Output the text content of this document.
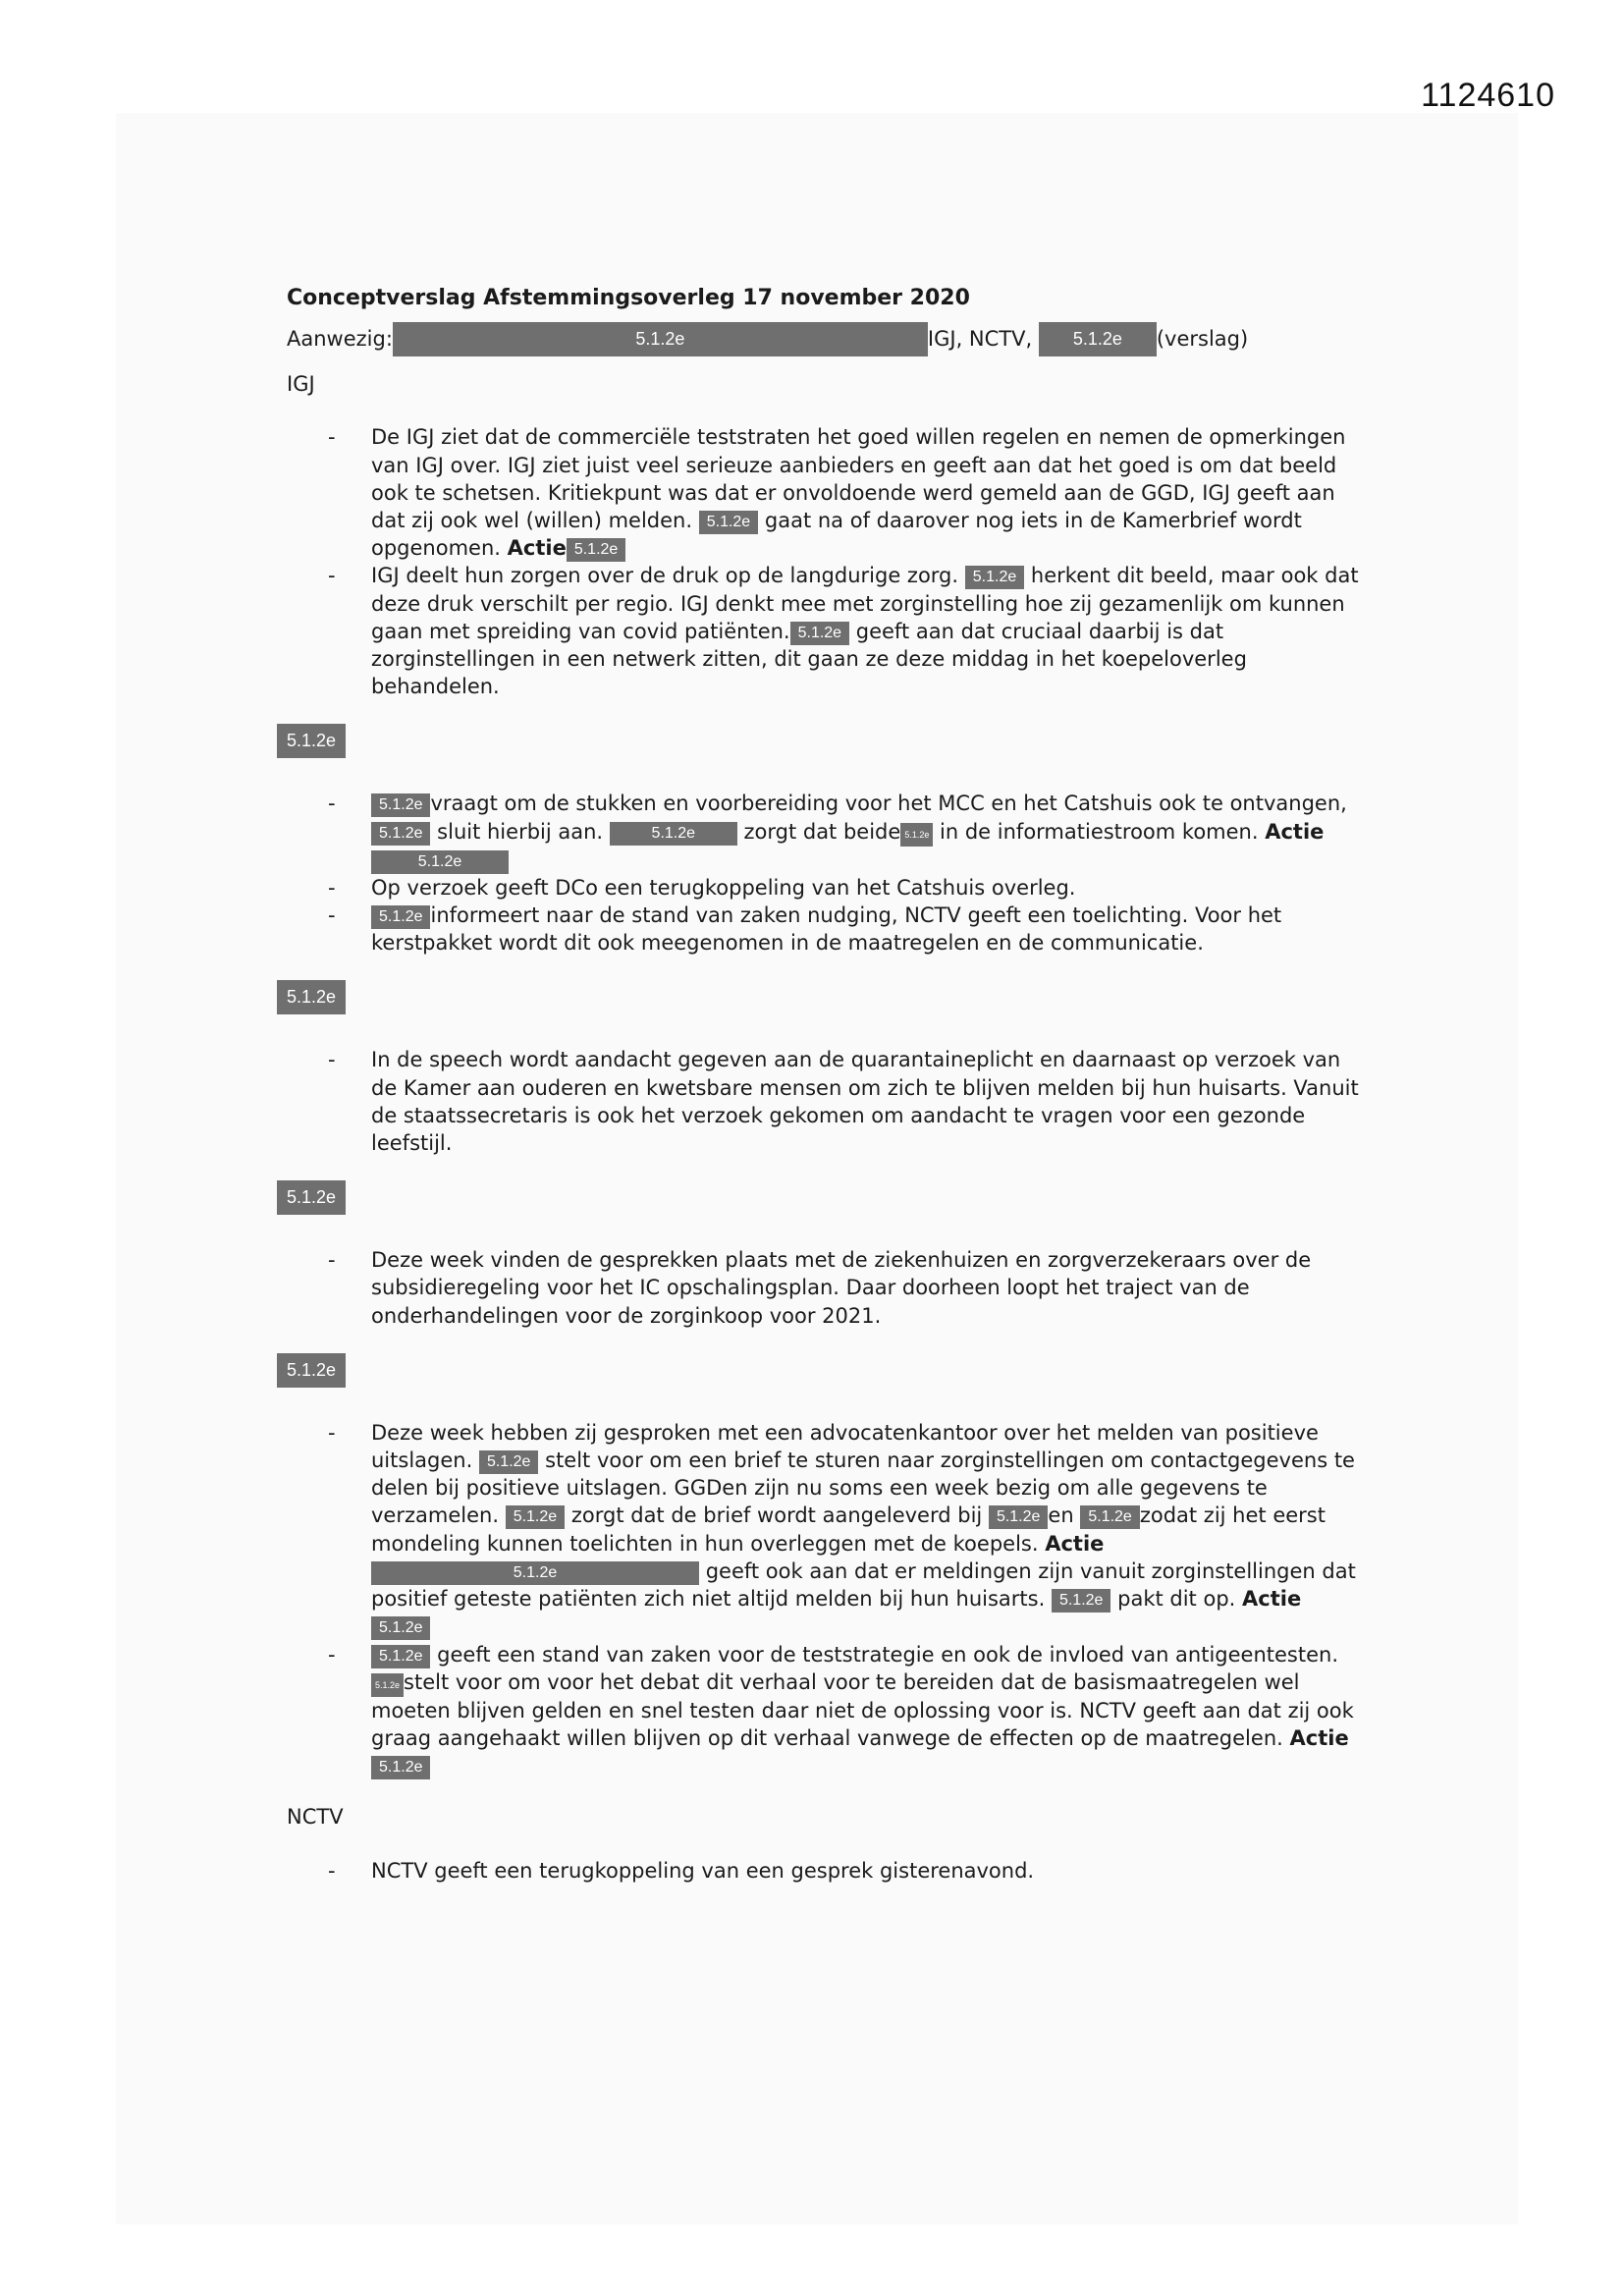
1124610
Conceptverslag Afstemmingsoverleg 17 november 2020
Aanwezig:	5.1.2e	IGJ, NCTV, 5.1.2e (verslag)
IGJ
- De IGJ ziet dat de commerciële teststraten het goed willen regelen en nemen de opmerkingen van IGJ over. IGJ ziet juist veel serieuze aanbieders en geeft aan dat het goed is om dat beeld ook te schetsen. Kritiekpunt was dat er onvoldoende werd gemeld aan de GGD, IGJ geeft aan dat zij ook wel (willen) melden. 5.1.2e gaat na of daarover nog iets in de Kamerbrief wordt opgenomen. Actie 5.1.2e
- IGJ deelt hun zorgen over de druk op de langdurige zorg. 5.1.2e herkent dit beeld, maar ook dat deze druk verschilt per regio. IGJ denkt mee met zorginstelling hoe zij gezamenlijk om kunnen gaan met spreiding van covid patiënten. 5.1.2e geeft aan dat cruciaal daarbij is dat zorginstellingen in een netwerk zitten, dit gaan ze deze middag in het koepeloverleg behandelen.
5.1.2e
- 5.1.2e vraagt om de stukken en voorbereiding voor het MCC en het Catshuis ook te ontvangen,5.1.2e sluit hierbij aan.	5.1.2e zorgt dat beide 5.1.2e in de informatiestroom komen. Actie5.1.2e
- Op verzoek geeft DCo een terugkoppeling van het Catshuis overleg.
- 5.1.2e informeert naar de stand van zaken nudging, NCTV geeft een toelichting. Voor het kerstpakket wordt dit ook meegenomen in de maatregelen en de communicatie.
5.1.2e
- In de speech wordt aandacht gegeven aan de quarantaineplicht en daarnaast op verzoek van de Kamer aan ouderen en kwetsbare mensen om zich te blijven melden bij hun huisarts. Vanuit de staatssecretaris is ook het verzoek gekomen om aandacht te vragen voor een gezonde leefstijl.
5.1.2e
- Deze week vinden de gesprekken plaats met de ziekenhuizen en zorgverzekeraars over de subsidieregeling voor het IC opschalingsplan. Daar doorheen loopt het traject van de onderhandelingen voor de zorginkoop voor 2021.
5.1.2e
- Deze week hebben zij gesproken met een advocatenkantoor over het melden van positieve uitslagen. 5.1.2e stelt voor om een brief te sturen naar zorginstellingen om contactgegevens te delen bij positieve uitslagen. GGDen zijn nu soms een week bezig om alle gegevens te verzamelen. 5.1.2e zorgt dat de brief wordt aangeleverd bij 5.1.2e en 5.1.2e zodat zij het eerst mondeling kunnen toelichten in hun overleggen met de koepels. Actie 5.1.2e	geeft ook aan dat er meldingen zijn vanuit zorginstellingen dat positief geteste patiënten zich niet altijd melden bij hun huisarts. 5.1.2e pakt dit op. Actie 5.1.2e
- 5.1.2e geeft een stand van zaken voor de teststrategie en ook de invloed van antigeentesten. 5.1.2e stelt voor om voor het debat dit verhaal voor te bereiden dat de basismaatregelen wel moeten blijven gelden en snel testen daar niet de oplossing voor is. NCTV geeft aan dat zij ook graag aangehaakt willen blijven op dit verhaal vanwege de effecten op de maatregelen. Actie 5.1.2e
NCTV
- NCTV geeft een terugkoppeling van een gesprek gisterenavond.
